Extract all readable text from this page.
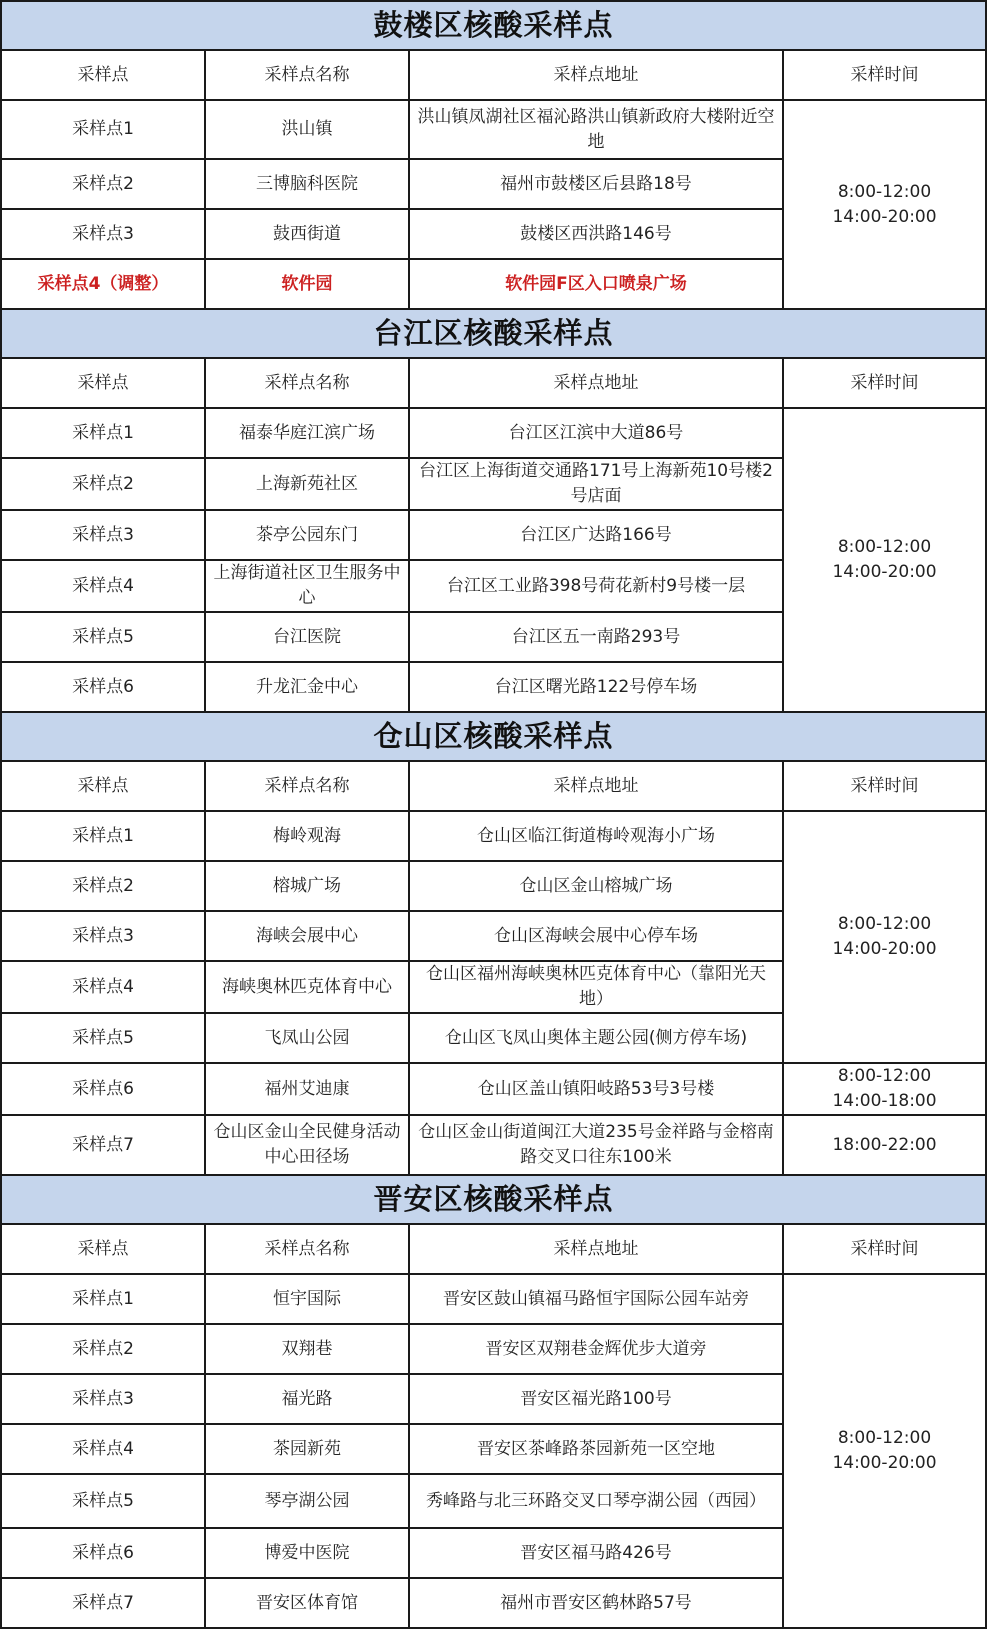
鼓楼区核酸采样点			
采样点	采样点名称	采样点地址	采样时间
采样点1	洪山镇	洪山镇凤湖社区福沁路洪山镇新政府大楼附近空地	8:00-12:00
14:00-20:00

采样点2	三博脑科医院	福州市鼓楼区后县路18号	
采样点3	鼓西街道	鼓楼区西洪路146号	
采样点4（调整）	软件园	软件园F区入口喷泉广场	
台江区核酸采样点			
采样点	采样点名称	采样点地址	采样时间
采样点1	福泰华庭江滨广场	台江区江滨中大道86号	8:00-12:00
14:00-20:00

采样点2	上海新苑社区	台江区上海街道交通路171号上海新苑10号楼2号店面	
采样点3	茶亭公园东门	台江区广达路166号	
采样点4	上海街道社区卫生服务中心	台江区工业路398号荷花新村9号楼一层	
采样点5	台江医院	台江区五一南路293号	
采样点6	升龙汇金中心	台江区曙光路122号停车场	
仓山区核酸采样点			
采样点	采样点名称	采样点地址	采样时间
采样点1	梅岭观海	仓山区临江街道梅岭观海小广场	8:00-12:00
14:00-20:00

采样点2	榕城广场	仓山区金山榕城广场	
采样点3	海峡会展中心	仓山区海峡会展中心停车场	
采样点4	海峡奥林匹克体育中心	仓山区福州海峡奥林匹克体育中心（靠阳光天地）	
采样点5	飞凤山公园	仓山区飞凤山奥体主题公园(侧方停车场)	
采样点6	福州艾迪康	仓山区盖山镇阳岐路53号3号楼	8:00-12:00
14:00-18:00

采样点7	仓山区金山全民健身活动中心田径场	仓山区金山街道闽江大道235号金祥路与金榕南路交叉口往东100米	18:00-22:00
晋安区核酸采样点			
采样点	采样点名称	采样点地址	采样时间
采样点1	恒宇国际	晋安区鼓山镇福马路恒宇国际公园车站旁	8:00-12:00
14:00-20:00

采样点2	双翔巷	晋安区双翔巷金辉优步大道旁	
采样点3	福光路	晋安区福光路100号	
采样点4	茶园新苑	晋安区茶峰路茶园新苑一区空地	
采样点5	琴亭湖公园	秀峰路与北三环路交叉口琴亭湖公园（西园）	
采样点6	博爱中医院	晋安区福马路426号	
采样点7	晋安区体育馆	福州市晋安区鹤林路57号	
